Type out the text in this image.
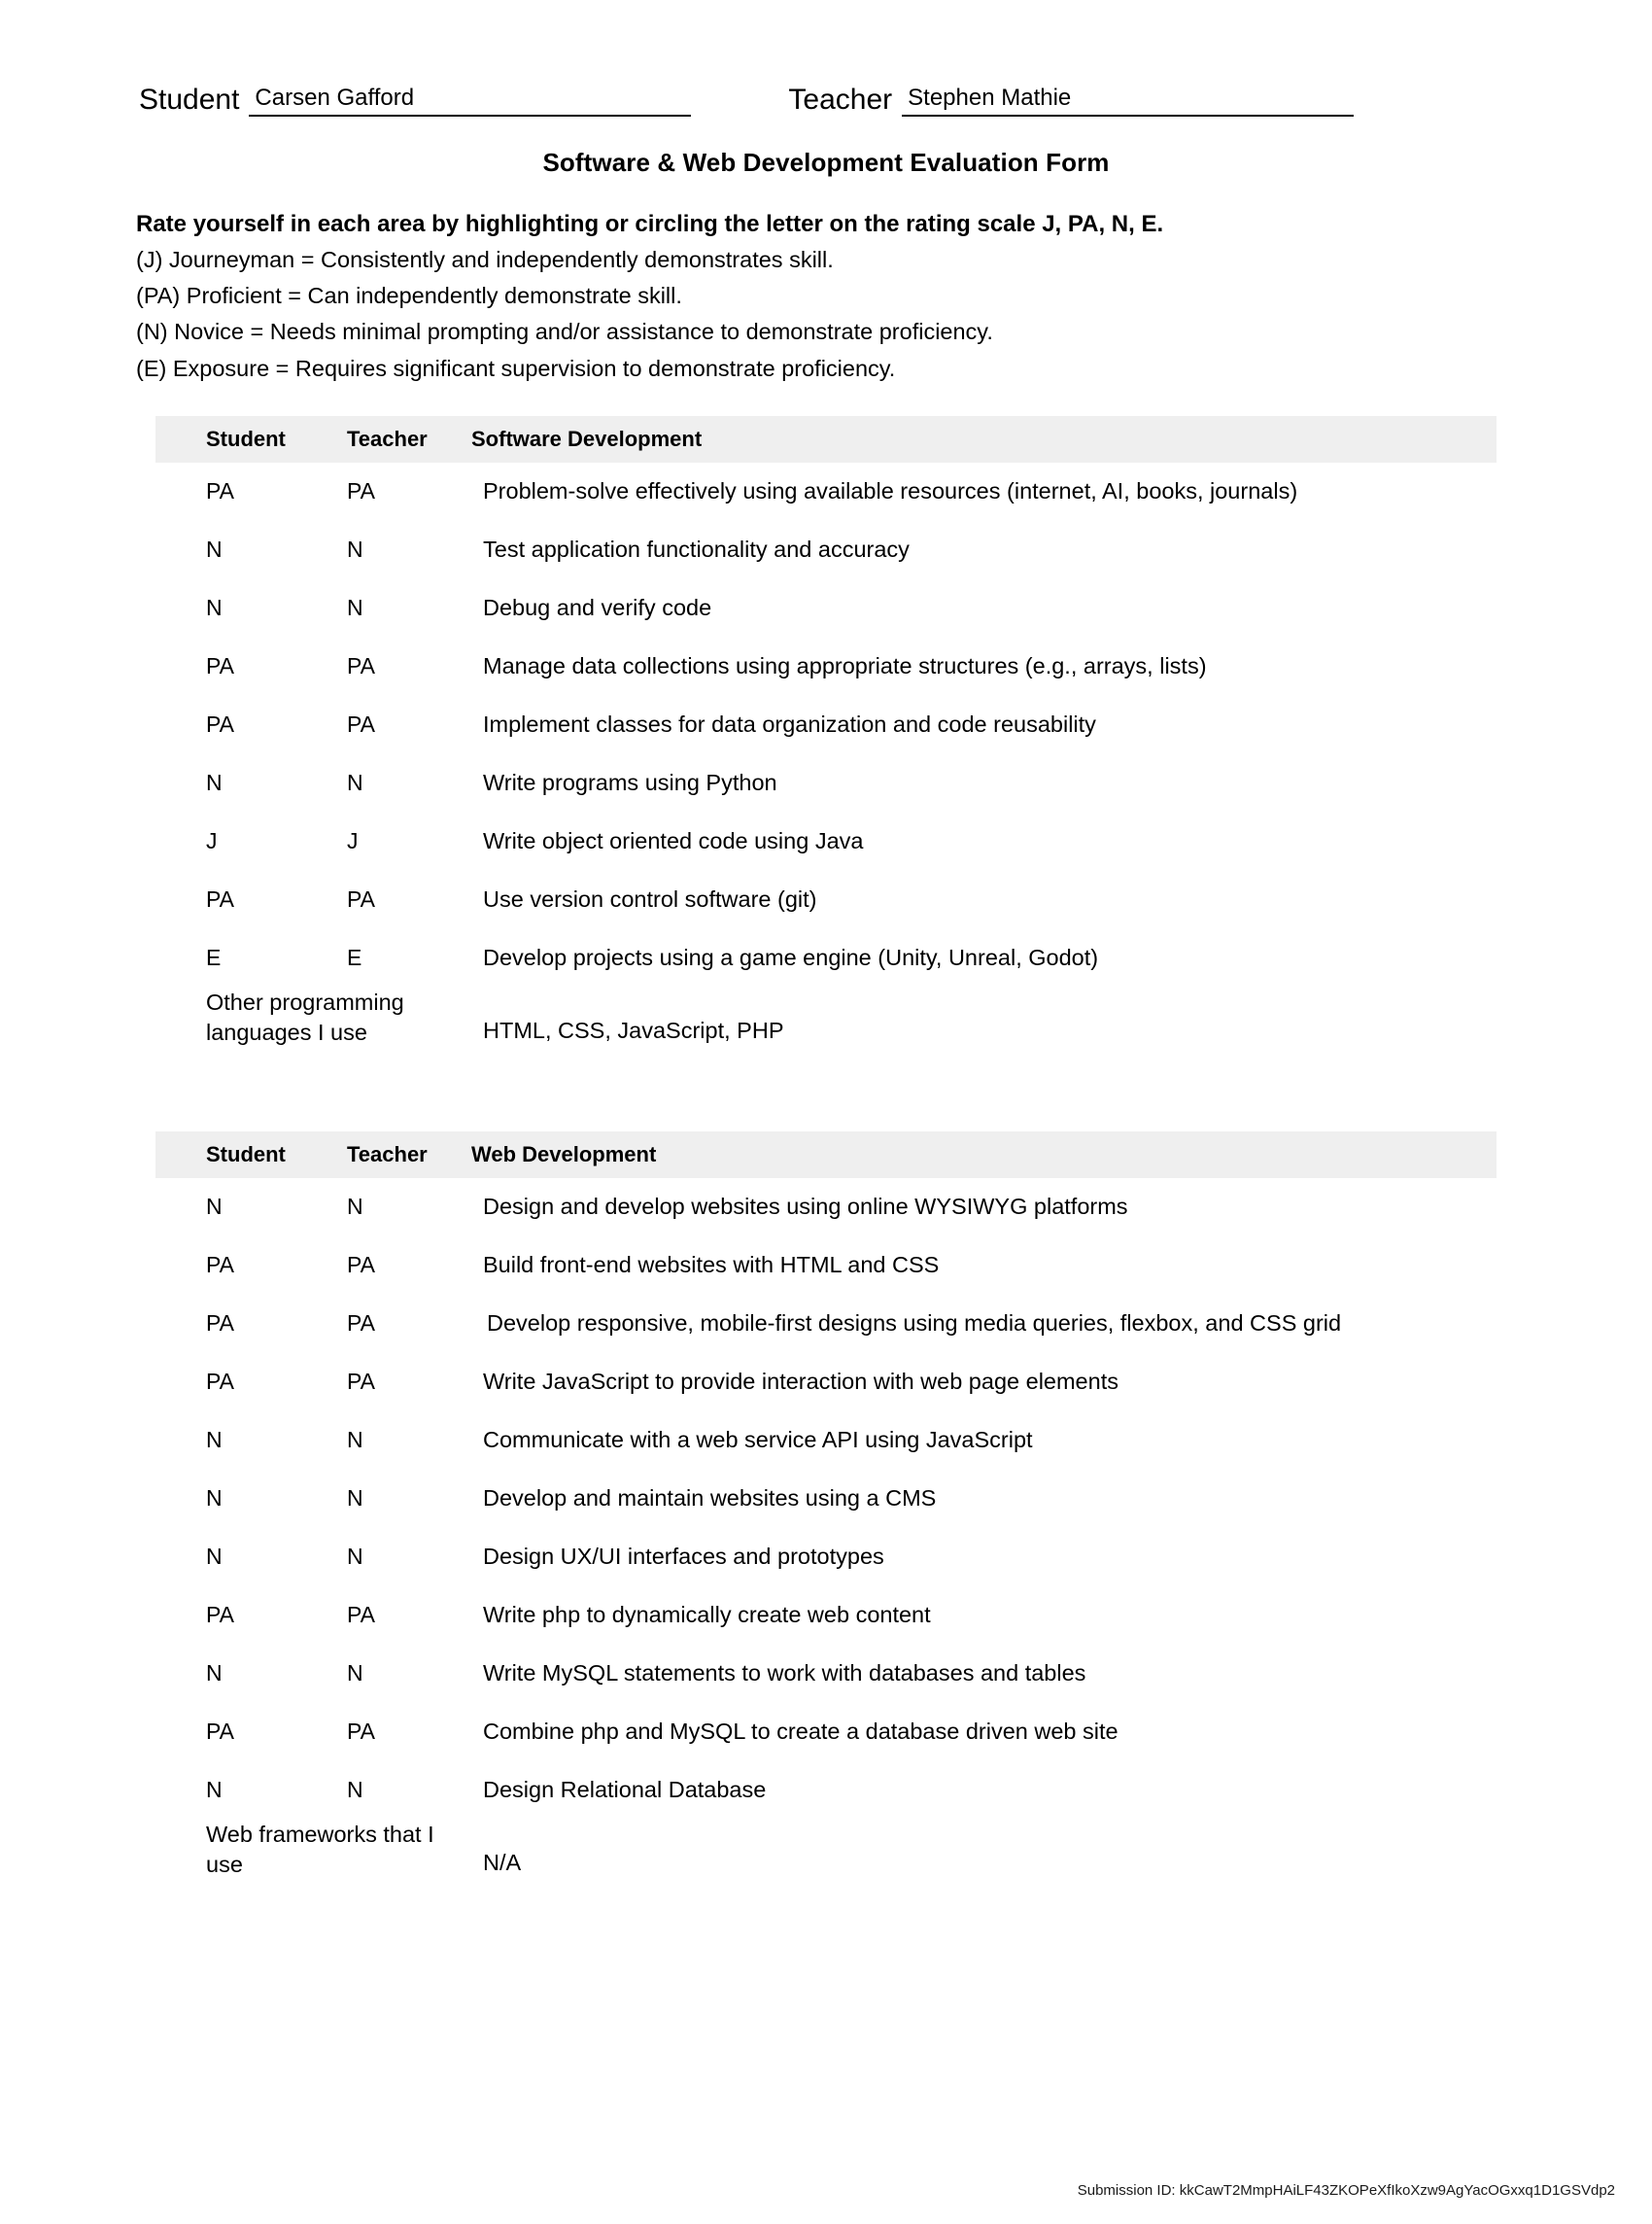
Student Carsen Gafford	Teacher Stephen Mathie
Software & Web Development Evaluation Form
Rate yourself in each area by highlighting or circling the letter on the rating scale J, PA, N, E.
(J) Journeyman = Consistently and independently demonstrates skill.
(PA) Proficient = Can independently demonstrate skill.
(N) Novice = Needs minimal prompting and/or assistance to demonstrate proficiency.
(E) Exposure = Requires significant supervision to demonstrate proficiency.
Student	Teacher	Software Development
PA	PA	Problem-solve effectively using available resources (internet, AI, books, journals)
N	N	Test application functionality and accuracy
N	N	Debug and verify code
PA	PA	Manage data collections using appropriate structures (e.g., arrays, lists)
PA	PA	Implement classes for data organization and code reusability
N	N	Write programs using Python
J	J	Write object oriented code using Java
PA	PA	Use version control software (git)
E	E	Develop projects using a game engine (Unity, Unreal, Godot)
Other programming languages I use	HTML, CSS, JavaScript, PHP
Student	Teacher	Web Development
N	N	Design and develop websites using online WYSIWYG platforms
PA	PA	Build front-end websites with HTML and CSS
PA	PA	Develop responsive, mobile-first designs using media queries, flexbox, and CSS grid
PA	PA	Write JavaScript to provide interaction with web page elements
N	N	Communicate with a web service API using JavaScript
N	N	Develop and maintain websites using a CMS
N	N	Design UX/UI interfaces and prototypes
PA	PA	Write php to dynamically create web content
N	N	Write MySQL statements to work with databases and tables
PA	PA	Combine php and MySQL to create a database driven web site
N	N	Design Relational Database
Web frameworks that I use	N/A
Submission ID: kkCawT2MmpHAiLF43ZKOPeXfIkoXzw9AgYacOGxxq1D1GSVdp2
